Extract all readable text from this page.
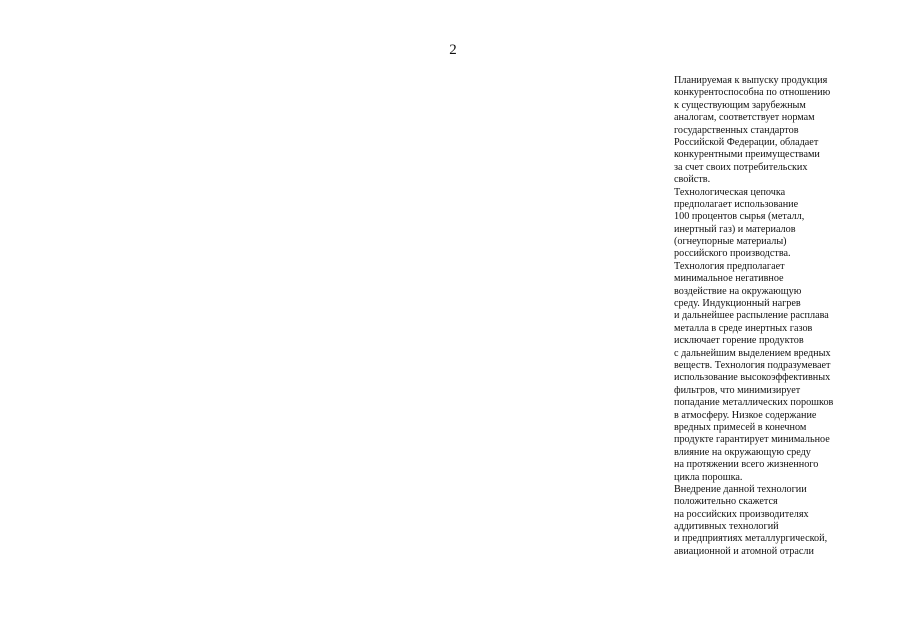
2
Планируемая к выпуску продукция
конкурентоспособна по отношению
к существующим зарубежным
аналогам, соответствует нормам
государственных стандартов
Российской Федерации, обладает
конкурентными преимуществами
за счет своих потребительских
свойств.
Технологическая цепочка
предполагает использование
100 процентов сырья (металл,
инертный газ) и материалов
(огнеупорные материалы)
российского производства.
Технология предполагает
минимальное негативное
воздействие на окружающую
среду. Индукционный нагрев
и дальнейшее распыление расплава
металла в среде инертных газов
исключает горение продуктов
с дальнейшим выделением вредных
веществ. Технология подразумевает
использование высокоэффективных
фильтров, что минимизирует
попадание металлических порошков
в атмосферу. Низкое содержание
вредных примесей в конечном
продукте гарантирует минимальное
влияние на окружающую среду
на протяжении всего жизненного
цикла порошка.
Внедрение данной технологии
положительно скажется
на российских производителях
аддитивных технологий
и предприятиях металлургической,
авиационной и атомной отрасли
